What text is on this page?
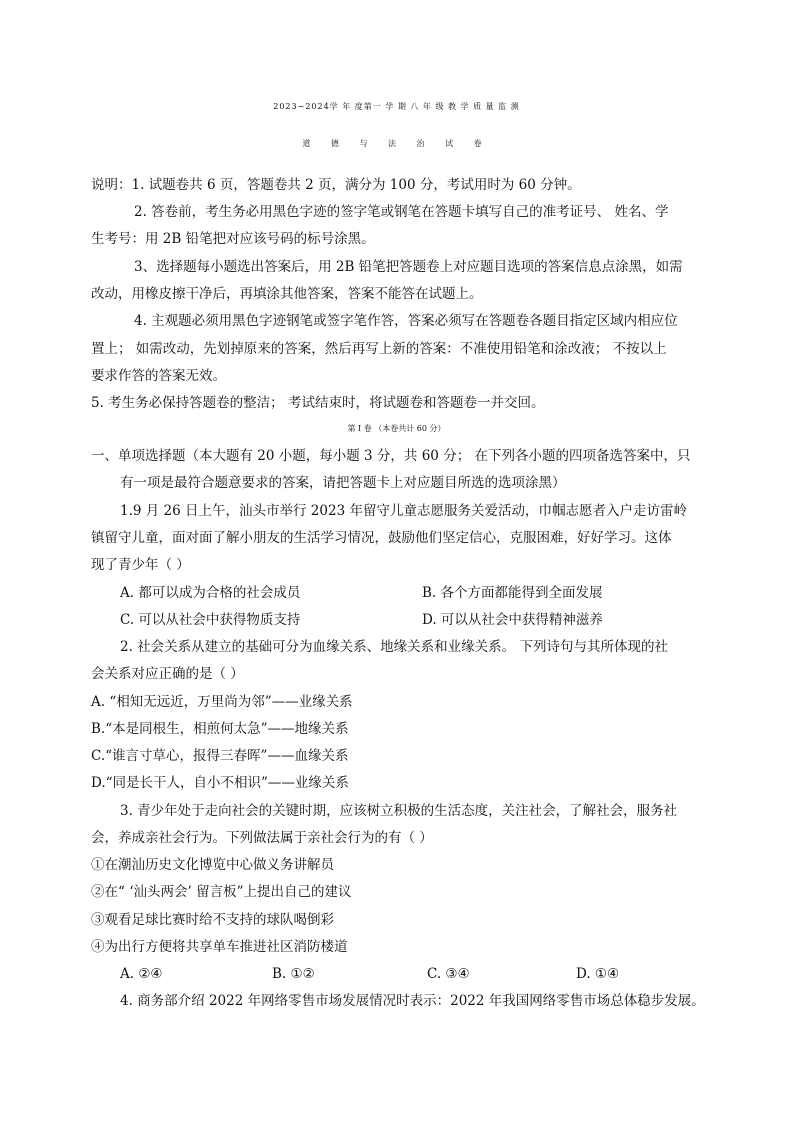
2023~2024学 年 度第一 学 期 八 年 级 教 学 质 量 监 测
道 德 与 法 治 试 卷
说明：1. 试题卷共 6 页，答题卷共 2 页，满分为 100 分，考试用时为 60 分钟。
2. 答卷前，考生务必用黑色字迹的签字笔或钢笔在答题卡填写自己的准考证号、 姓名、学
生考号：用 2B 铅笔把对应该号码的标号涂黑。
3、选择题每小题选出答案后，用 2B 铅笔把答题卷上对应题目选项的答案信息点涂黑，如需
改动，用橡皮擦干净后，再填涂其他答案，答案不能答在试题上。
4. 主观题必须用黑色字迹钢笔或签字笔作答，答案必须写在答题卷各题目指定区域内相应位
置上； 如需改动，先划掉原来的答案，然后再写上新的答案：不准使用铅笔和涂改液； 不按以上
要求作答的答案无效。
5. 考生务必保持答题卷的整洁； 考试结束时，将试题卷和答题卷一并交回。
第 Ⅰ 卷 （本卷共计 60 分）
一、单项选择题（本大题有 20 小题，每小题 3 分，共 60 分； 在下列各小题的四项备选答案中，只
有一项是最符合题意要求的答案，请把答题卡上对应题目所选的选项涂黑）
1.9 月 26 日上午，汕头市举行 2023 年留守儿童志愿服务关爱活动，巾帼志愿者入户走访雷岭
镇留守儿童，面对面了解小朋友的生活学习情况，鼓励他们坚定信心，克服困难，好好学习。这体
现了青少年（ ）
A. 都可以成为合格的社会成员	B. 各个方面都能得到全面发展
C. 可以从社会中获得物质支持	D. 可以从社会中获得精神滋养
2. 社会关系从建立的基础可分为血缘关系、地缘关系和业缘关系。 下列诗句与其所体现的社
会关系对应正确的是（ ）
A. “相知无远近，万里尚为邻”——业缘关系
B.“本是同根生，相煎何太急”——地缘关系
C.“谁言寸草心，报得三春晖”——血缘关系
D.“同是长干人，自小不相识”——业缘关系
3. 青少年处于走向社会的关键时期，应该树立积极的生活态度，关注社会，了解社会，服务社
会，养成亲社会行为。下列做法属于亲社会行为的有（ ）
①在潮汕历史文化博览中心做义务讲解员
②在“ ‘汕头两会’ 留言板”上提出自己的建议
③观看足球比赛时给不支持的球队喝倒彩
④为出行方便将共享单车推进社区消防楼道
A. ②④	B. ①②	C. ③④	D. ①④
4. 商务部介绍 2022 年网络零售市场发展情况时表示：2022 年我国网络零售市场总体稳步发展。
